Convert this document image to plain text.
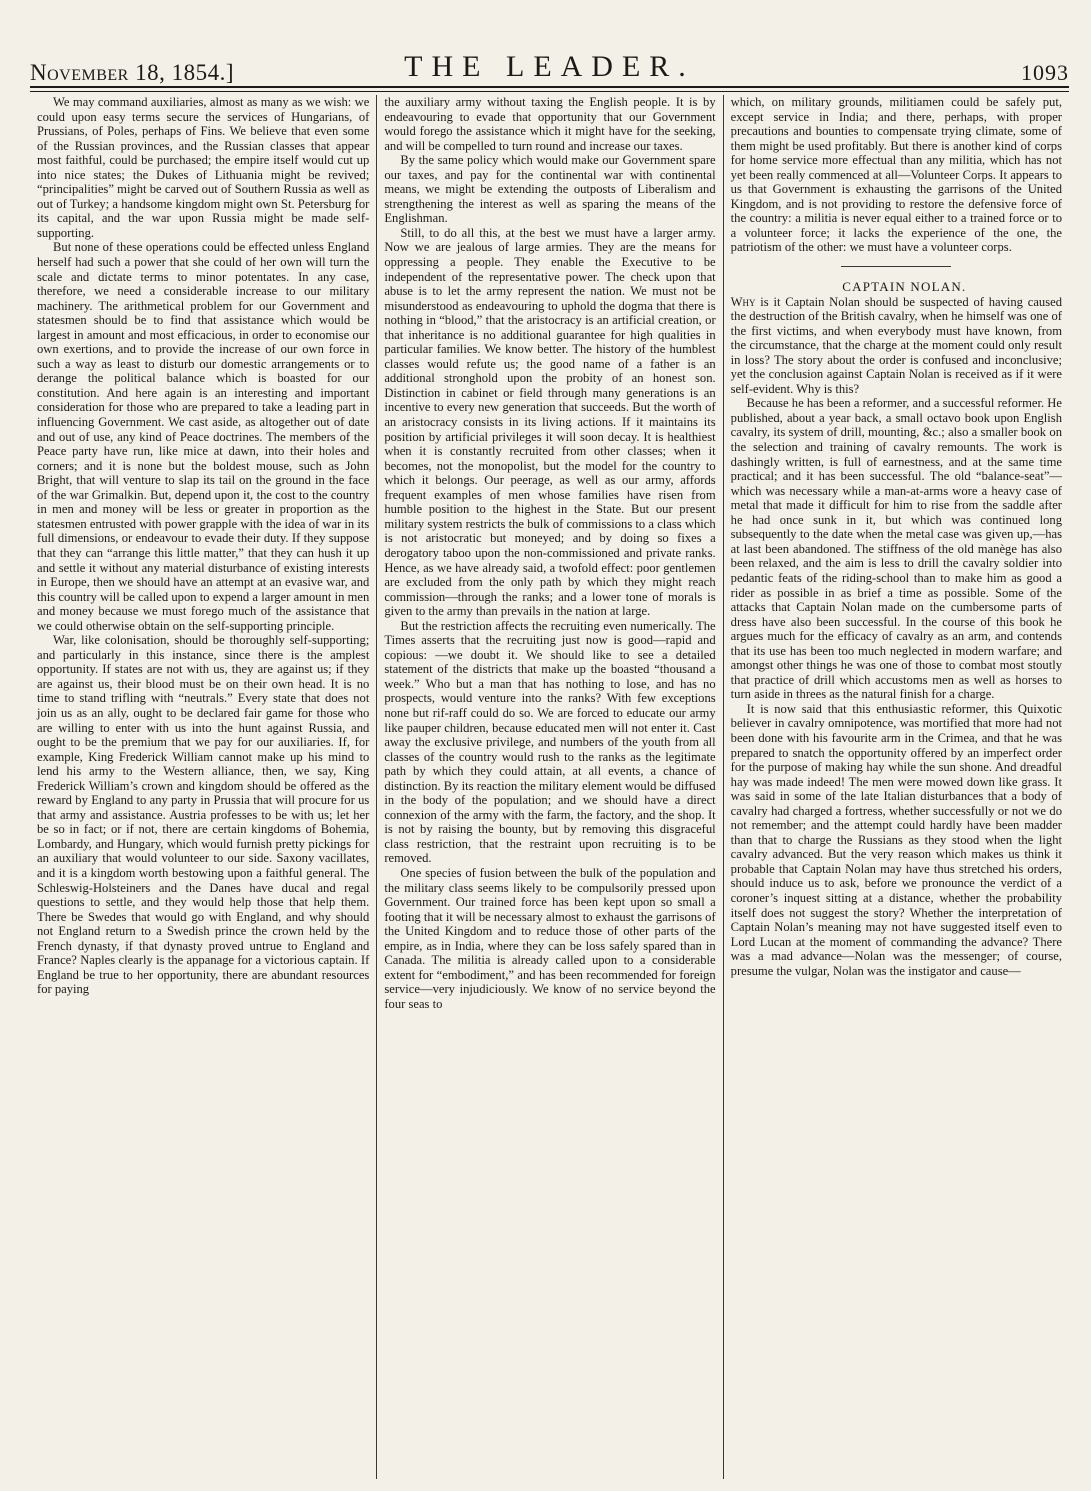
November 18, 1854.]	THE LEADER.	1093

We may command auxiliaries, almost as many as we wish: we could upon easy terms secure the services of Hungarians, of Prussians, of Poles, perhaps of Fins. We believe that even some of the Russian provinces, and the Russian classes that appear most faithful, could be purchased; the empire itself would cut up into nice states; the Dukes of Lithuania might be revived; “principalities” might be carved out of Southern Russia as well as out of Turkey; a handsome kingdom might own St. Petersburg for its capital, and the war upon Russia might be made self-supporting.

But none of these operations could be effected unless England herself had such a power that she could of her own will turn the scale and dictate terms to minor potentates. In any case, therefore, we need a considerable increase to our military machinery. The arithmetical problem for our Government and statesmen should be to find that assistance which would be largest in amount and most efficacious, in order to economise our own exertions, and to provide the increase of our own force in such a way as least to disturb our domestic arrangements or to derange the political balance which is boasted for our constitution. And here again is an interesting and important consideration for those who are prepared to take a leading part in influencing Government. We cast aside, as altogether out of date and out of use, any kind of Peace doctrines. The members of the Peace party have run, like mice at dawn, into their holes and corners; and it is none but the boldest mouse, such as John Bright, that will venture to slap its tail on the ground in the face of the war Grimalkin. But, depend upon it, the cost to the country in men and money will be less or greater in proportion as the statesmen entrusted with power grapple with the idea of war in its full dimensions, or endeavour to evade their duty. If they suppose that they can “arrange this little matter,” that they can hush it up and settle it without any material disturbance of existing interests in Europe, then we should have an attempt at an evasive war, and this country will be called upon to expend a larger amount in men and money because we must forego much of the assistance that we could otherwise obtain on the self-supporting principle.

War, like colonisation, should be thoroughly self-supporting; and particularly in this instance, since there is the amplest opportunity. If states are not with us, they are against us; if they are against us, their blood must be on their own head. It is no time to stand trifling with “neutrals.” Every state that does not join us as an ally, ought to be declared fair game for those who are willing to enter with us into the hunt against Russia, and ought to be the premium that we pay for our auxiliaries. If, for example, King Frederick William cannot make up his mind to lend his army to the Western alliance, then, we say, King Frederick William’s crown and kingdom should be offered as the reward by England to any party in Prussia that will procure for us that army and assistance. Austria professes to be with us; let her be so in fact; or if not, there are certain kingdoms of Bohemia, Lombardy, and Hungary, which would furnish pretty pickings for an auxiliary that would volunteer to our side. Saxony vacillates, and it is a kingdom worth bestowing upon a faithful general. The Schleswig-Holsteiners and the Danes have ducal and regal questions to settle, and they would help those that help them. There be Swedes that would go with England, and why should not England return to a Swedish prince the crown held by the French dynasty, if that dynasty proved untrue to England and France? Naples clearly is the appanage for a victorious captain. If England be true to her opportunity, there are abundant resources for paying

the auxiliary army without taxing the English people. It is by endeavouring to evade that opportunity that our Government would forego the assistance which it might have for the seeking, and will be compelled to turn round and increase our taxes.

By the same policy which would make our Government spare our taxes, and pay for the continental war with continental means, we might be extending the outposts of Liberalism and strengthening the interest as well as sparing the means of the Englishman.

Still, to do all this, at the best we must have a larger army. Now we are jealous of large armies. They are the means for oppressing a people. They enable the Executive to be independent of the representative power. The check upon that abuse is to let the army represent the nation. We must not be misunderstood as endeavouring to uphold the dogma that there is nothing in “blood,” that the aristocracy is an artificial creation, or that inheritance is no additional guarantee for high qualities in particular families. We know better. The history of the humblest classes would refute us; the good name of a father is an additional stronghold upon the probity of an honest son. Distinction in cabinet or field through many generations is an incentive to every new generation that succeeds. But the worth of an aristocracy consists in its living actions. If it maintains its position by artificial privileges it will soon decay. It is healthiest when it is constantly recruited from other classes; when it becomes, not the monopolist, but the model for the country to which it belongs. Our peerage, as well as our army, affords frequent examples of men whose families have risen from humble position to the highest in the State. But our present military system restricts the bulk of commissions to a class which is not aristocratic but moneyed; and by doing so fixes a derogatory taboo upon the non-commissioned and private ranks. Hence, as we have already said, a twofold effect: poor gentlemen are excluded from the only path by which they might reach commission—through the ranks; and a lower tone of morals is given to the army than prevails in the nation at large.

But the restriction affects the recruiting even numerically. The Times asserts that the recruiting just now is good—rapid and copious: —we doubt it. We should like to see a detailed statement of the districts that make up the boasted “thousand a week.” Who but a man that has nothing to lose, and has no prospects, would venture into the ranks? With few exceptions none but rif-raff could do so. We are forced to educate our army like pauper children, because educated men will not enter it. Cast away the exclusive privilege, and numbers of the youth from all classes of the country would rush to the ranks as the legitimate path by which they could attain, at all events, a chance of distinction. By its reaction the military element would be diffused in the body of the population; and we should have a direct connexion of the army with the farm, the factory, and the shop. It is not by raising the bounty, but by removing this disgraceful class restriction, that the restraint upon recruiting is to be removed.

One species of fusion between the bulk of the population and the military class seems likely to be compulsorily pressed upon Government. Our trained force has been kept upon so small a footing that it will be necessary almost to exhaust the garrisons of the United Kingdom and to reduce those of other parts of the empire, as in India, where they can be loss safely spared than in Canada. The militia is already called upon to a considerable extent for “embodiment,” and has been recommended for foreign service—very injudiciously. We know of no service beyond the four seas to

which, on military grounds, militiamen could be safely put, except service in India; and there, perhaps, with proper precautions and bounties to compensate trying climate, some of them might be used profitably. But there is another kind of corps for home service more effectual than any militia, which has not yet been really commenced at all—Volunteer Corps. It appears to us that Government is exhausting the garrisons of the United Kingdom, and is not providing to restore the defensive force of the country: a militia is never equal either to a trained force or to a volunteer force; it lacks the experience of the one, the patriotism of the other: we must have a volunteer corps.

CAPTAIN NOLAN.

Why is it Captain Nolan should be suspected of having caused the destruction of the British cavalry, when he himself was one of the first victims, and when everybody must have known, from the circumstance, that the charge at the moment could only result in loss? The story about the order is confused and inconclusive; yet the conclusion against Captain Nolan is received as if it were self-evident. Why is this?

Because he has been a reformer, and a successful reformer. He published, about a year back, a small octavo book upon English cavalry, its system of drill, mounting, &c.; also a smaller book on the selection and training of cavalry remounts. The work is dashingly written, is full of earnestness, and at the same time practical; and it has been successful. The old “balance-seat”—which was necessary while a man-at-arms wore a heavy case of metal that made it difficult for him to rise from the saddle after he had once sunk in it, but which was continued long subsequently to the date when the metal case was given up,—has at last been abandoned. The stiffness of the old manège has also been relaxed, and the aim is less to drill the cavalry soldier into pedantic feats of the riding-school than to make him as good a rider as possible in as brief a time as possible. Some of the attacks that Captain Nolan made on the cumbersome parts of dress have also been successful. In the course of this book he argues much for the efficacy of cavalry as an arm, and contends that its use has been too much neglected in modern warfare; and amongst other things he was one of those to combat most stoutly that practice of drill which accustoms men as well as horses to turn aside in threes as the natural finish for a charge.

It is now said that this enthusiastic reformer, this Quixotic believer in cavalry omnipotence, was mortified that more had not been done with his favourite arm in the Crimea, and that he was prepared to snatch the opportunity offered by an imperfect order for the purpose of making hay while the sun shone. And dreadful hay was made indeed! The men were mowed down like grass. It was said in some of the late Italian disturbances that a body of cavalry had charged a fortress, whether successfully or not we do not remember; and the attempt could hardly have been madder than that to charge the Russians as they stood when the light cavalry advanced. But the very reason which makes us think it probable that Captain Nolan may have thus stretched his orders, should induce us to ask, before we pronounce the verdict of a coroner’s inquest sitting at a distance, whether the probability itself does not suggest the story? Whether the interpretation of Captain Nolan’s meaning may not have suggested itself even to Lord Lucan at the moment of commanding the advance? There was a mad advance—Nolan was the messenger; of course, presume the vulgar, Nolan was the instigator and cause—
